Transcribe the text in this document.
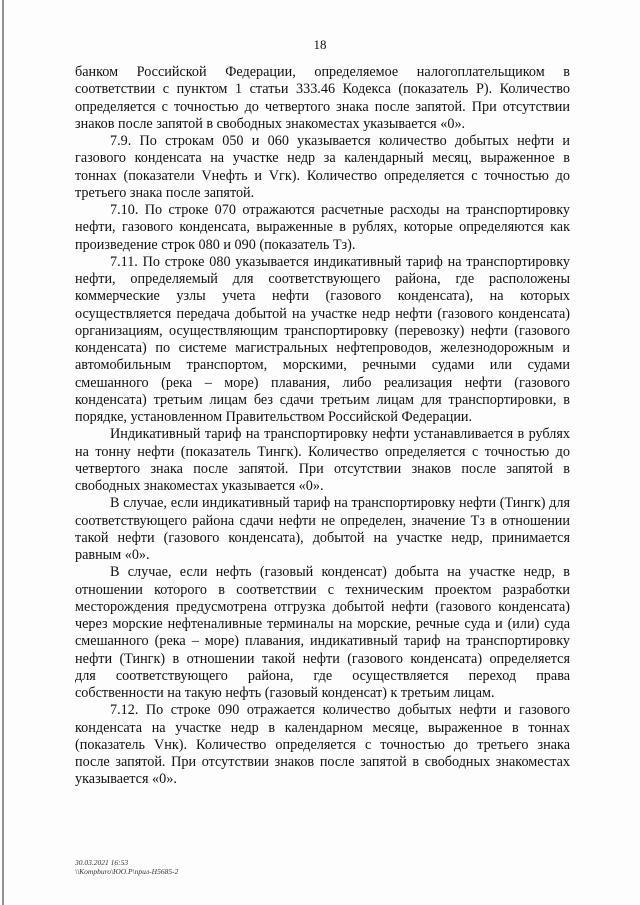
18
банком Российской Федерации, определяемое налогоплательщиком в
соответствии с пунктом 1 статьи 333.46 Кодекса (показатель Р). Количество
определяется с точностью до четвертого знака после запятой. При отсутствии
знаков после запятой в свободных знакоместах указывается «0».
7.9. По строкам 050 и 060 указывается количество добытых нефти и
газового конденсата на участке недр за календарный месяц, выраженное в
тоннах (показатели Vнефть и Vгк). Количество определяется с точностью до
третьего знака после запятой.
7.10. По строке 070 отражаются расчетные расходы на транспортировку
нефти, газового конденсата, выраженные в рублях, которые определяются как
произведение строк 080 и 090 (показатель Тз).
7.11. По строке 080 указывается индикативный тариф на транспортировку
нефти, определяемый для соответствующего района, где расположены
коммерческие узлы учета нефти (газового конденсата), на которых
осуществляется передача добытой на участке недр нефти (газового конденсата)
организациям, осуществляющим транспортировку (перевозку) нефти (газового
конденсата) по системе магистральных нефтепроводов, железнодорожным и
автомобильным транспортом, морскими, речными судами или судами
смешанного (река – море) плавания, либо реализация нефти (газового
конденсата) третьим лицам без сдачи третьим лицам для транспортировки, в
порядке, установленном Правительством Российской Федерации.
Индикативный тариф на транспортировку нефти устанавливается в рублях
на тонну нефти (показатель Тингк). Количество определяется с точностью до
четвертого знака после запятой. При отсутствии знаков после запятой в
свободных знакоместах указывается «0».
В случае, если индикативный тариф на транспортировку нефти (Тингк) для
соответствующего района сдачи нефти не определен, значение Тз в отношении
такой нефти (газового конденсата), добытой на участке недр, принимается
равным «0».
В случае, если нефть (газовый конденсат) добыта на участке недр, в
отношении которого в соответствии с техническим проектом разработки
месторождения предусмотрена отгрузка добытой нефти (газового конденсата)
через морские нефтеналивные терминалы на морские, речные суда и (или) суда
смешанного (река – море) плавания, индикативный тариф на транспортировку
нефти (Тингк) в отношении такой нефти (газового конденсата) определяется
для соответствующего района, где осуществляется переход права
собственности на такую нефть (газовый конденсат) к третьим лицам.
7.12. По строке 090 отражается количество добытых нефти и газового
конденсата на участке недр в календарном месяце, выраженное в тоннах
(показатель Vнк). Количество определяется с точностью до третьего знака
после запятой. При отсутствии знаков после запятой в свободных знакоместах
указывается «0».
30.03.2021 16:53
\\Kompburo\ЮО.Р\прил-Н5685-2
